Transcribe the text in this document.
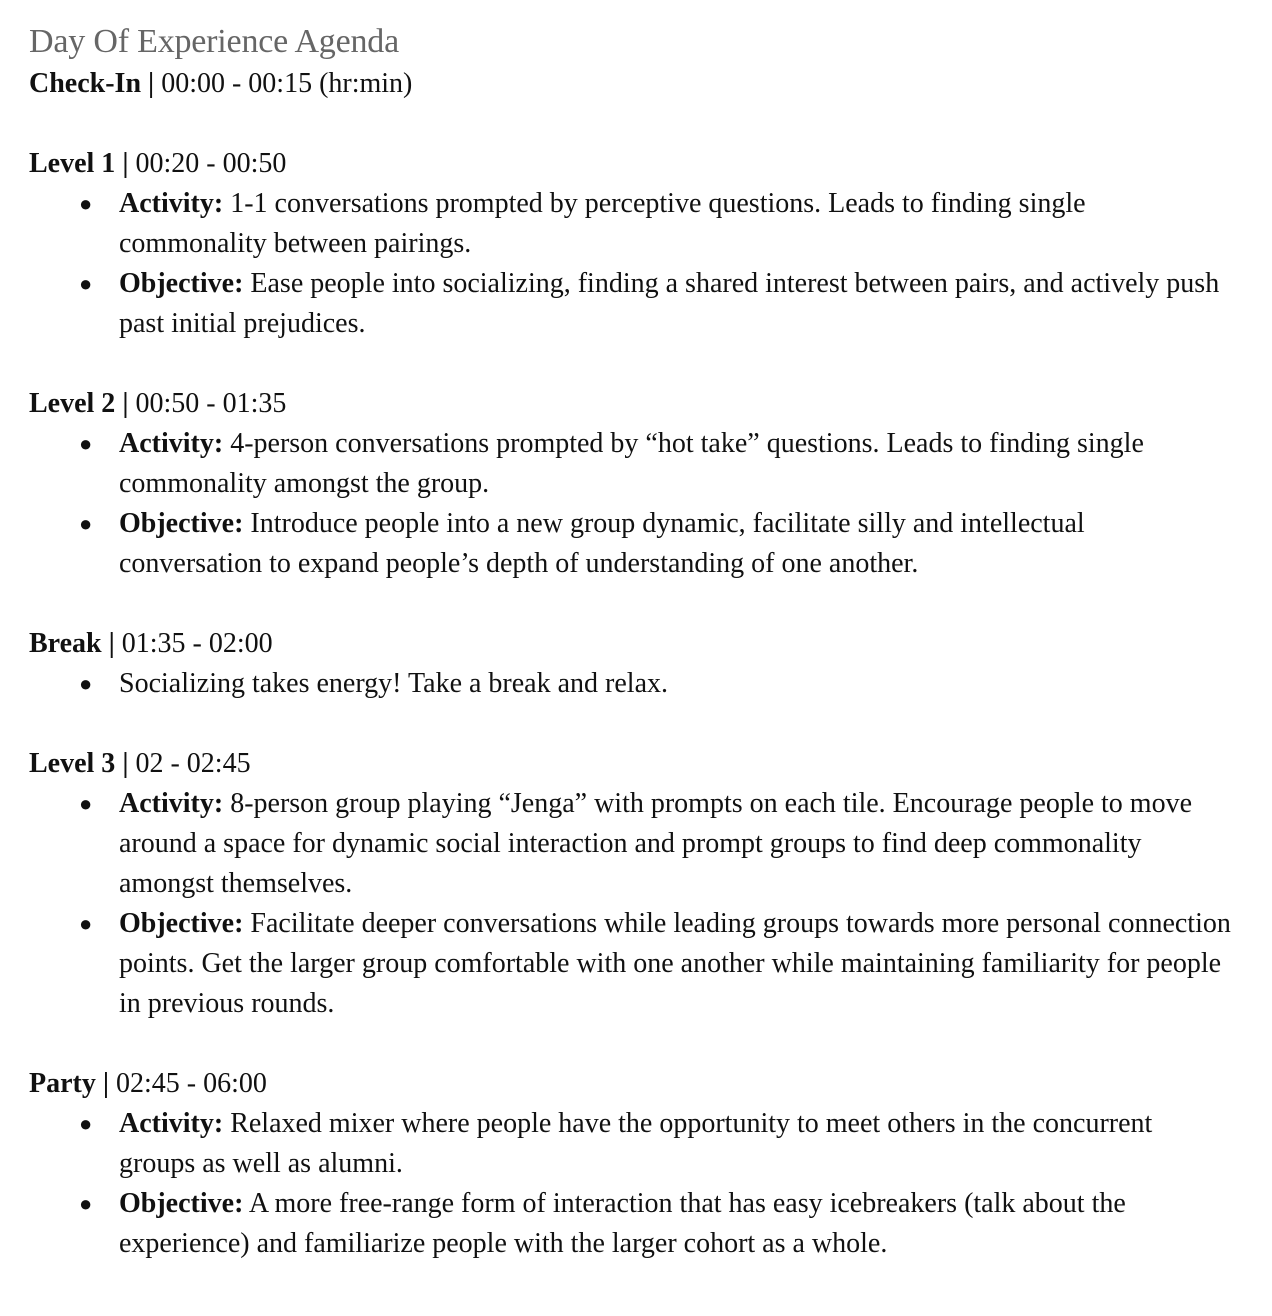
Day Of Experience Agenda

Check-In | 00:00 - 00:15 (hr:min)

Level 1 | 00:20 - 00:50

● Activity: 1-1 conversations prompted by perceptive questions. Leads to finding single commonality between pairings.
● Objective: Ease people into socializing, finding a shared interest between pairs, and actively push past initial prejudices.

Level 2 | 00:50 - 01:35

● Activity: 4-person conversations prompted by “hot take” questions. Leads to finding single commonality amongst the group.
● Objective: Introduce people into a new group dynamic, facilitate silly and intellectual conversation to expand people’s depth of understanding of one another.

Break | 01:35 - 02:00

● Socializing takes energy! Take a break and relax.

Level 3 | 02 - 02:45

● Activity: 8-person group playing “Jenga” with prompts on each tile. Encourage people to move around a space for dynamic social interaction and prompt groups to find deep commonality amongst themselves.
● Objective: Facilitate deeper conversations while leading groups towards more personal connection points. Get the larger group comfortable with one another while maintaining familiarity for people in previous rounds.

Party | 02:45 - 06:00

● Activity: Relaxed mixer where people have the opportunity to meet others in the concurrent groups as well as alumni.
● Objective: A more free-range form of interaction that has easy icebreakers (talk about the experience) and familiarize people with the larger cohort as a whole.
